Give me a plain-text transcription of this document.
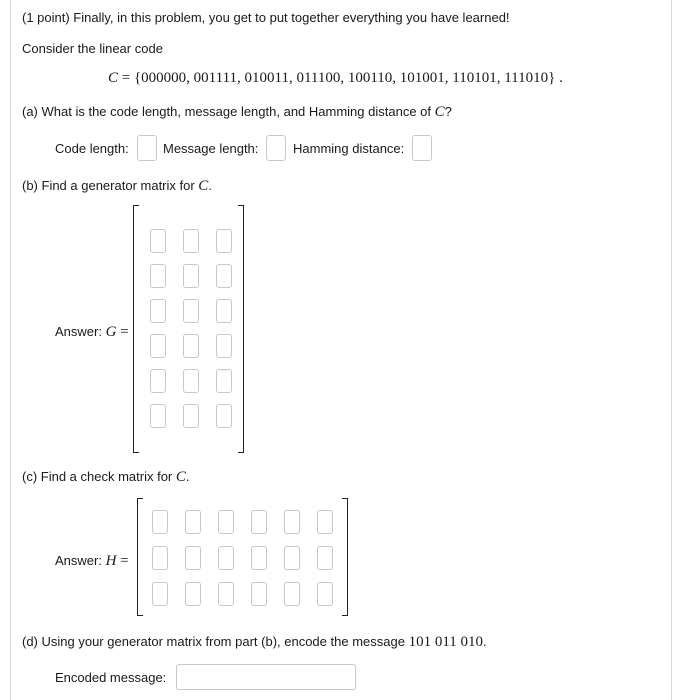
(1 point) Finally, in this problem, you get to put together everything you have learned!
Consider the linear code
C = {000000, 001111, 010011, 011100, 100110, 101001, 110101, 111010} .
(a) What is the code length, message length, and Hamming distance of C?
Code length:	Message length:	Hamming distance:
(b) Find a generator matrix for C.
Answer: G =
(c) Find a check matrix for C.
Answer: H =
(d) Using your generator matrix from part (b), encode the message 101 011 010.
Encoded message:
